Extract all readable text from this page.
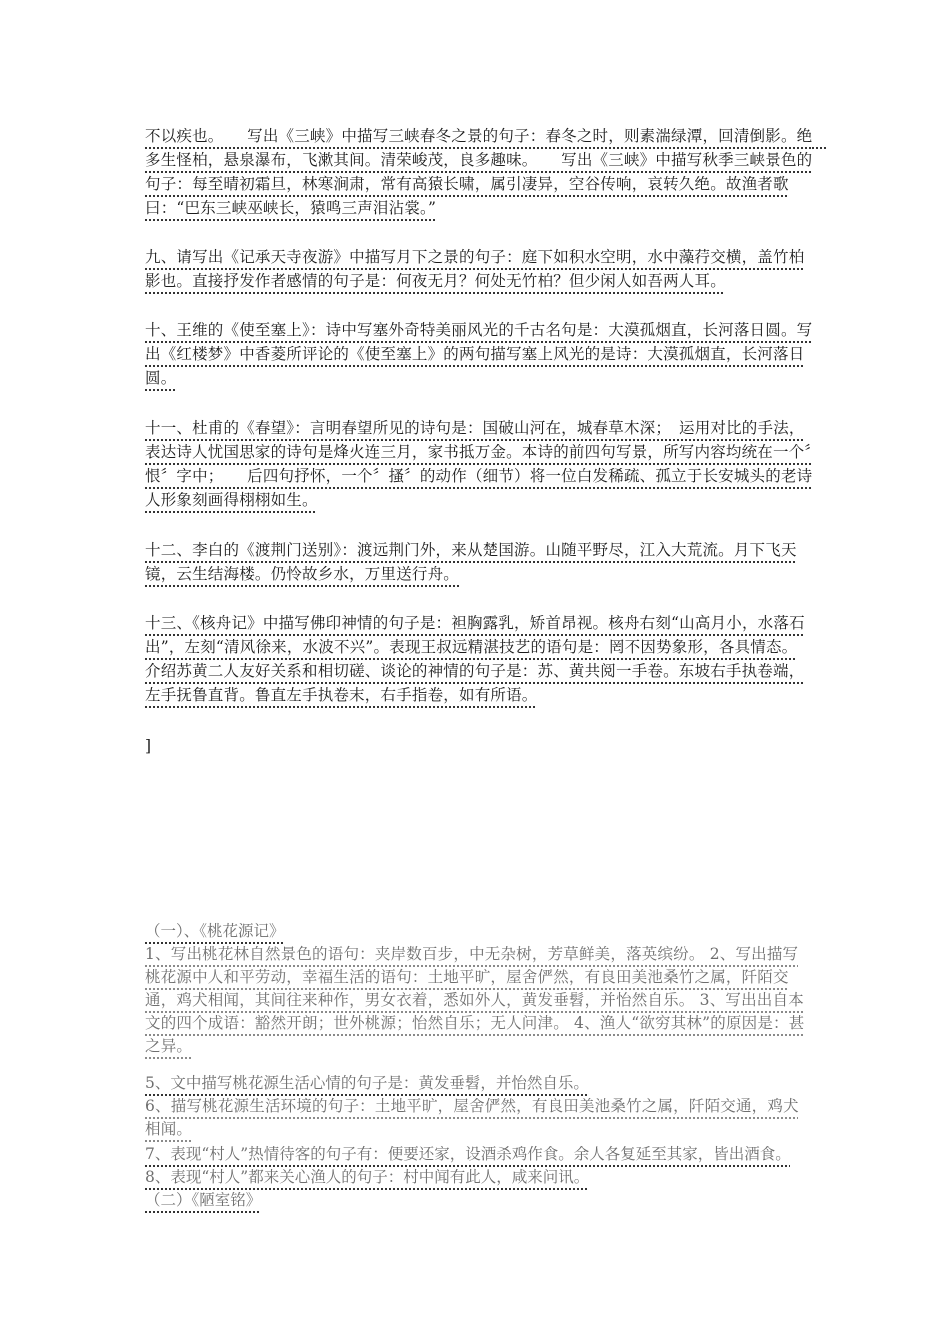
不以疾也。　　写出《三峡》中描写三峡春冬之景的句子：春冬之时，则素湍绿潭，回清倒影。绝　多生怪柏，悬泉瀑布，飞漱其间。清荣峻茂，良多趣味。　　写出《三峡》中描写秋季三峡景色的句子：每至晴初霜旦，林寒涧肃，常有高猿长啸，属引凄异，空谷传响，哀转久绝。故渔者歌曰：“巴东三峡巫峡长，猿鸣三声泪沾裳。”

九、请写出《记承天寺夜游》中描写月下之景的句子：庭下如积水空明，水中藻荇交横，盖竹柏影也。直接抒发作者感情的句子是：何夜无月？何处无竹柏？但少闲人如吾两人耳。

十、王维的《使至塞上》：诗中写塞外奇特美丽风光的千古名句是：大漠孤烟直，长河落日圆。写出《红楼梦》中香菱所评论的《使至塞上》的两句描写塞上风光的是诗：大漠孤烟直，长河落日圆。

十一、杜甫的《春望》：言明春望所见的诗句是：国破山河在，城春草木深；　运用对比的手法，表达诗人忧国思家的诗句是烽火连三月，家书抵万金。本诗的前四句写景，所写内容均统在一个〞恨〞字中；　　后四句抒怀，一个〞搔〞的动作（细节）将一位白发稀疏、孤立于长安城头的老诗人形象刻画得栩栩如生。

十二、李白的《渡荆门送别》：渡远荆门外，来从楚国游。山随平野尽，江入大荒流。月下飞天镜，云生结海楼。仍怜故乡水，万里送行舟。

十三、《核舟记》中描写佛印神情的句子是：袒胸露乳，矫首昂视。核舟右刻“山高月小，水落石出”，左刻“清风徐来，水波不兴”。表现王叔远精湛技艺的语句是：罔不因势象形，各具情态。介绍苏黄二人友好关系和相切磋、谈论的神情的句子是：苏、黄共阅一手卷。东坡右手执卷端，左手抚鲁直背。鲁直左手执卷末，右手指卷，如有所语。

]

（一）、《桃花源记》

1、写出桃花林自然景色的语句：夹岸数百步，中无杂树，芳草鲜美，落英缤纷。 2、写出描写桃花源中人和平劳动，幸福生活的语句：土地平旷，屋舍俨然，有良田美池桑竹之属，阡陌交通，鸡犬相闻，其间往来种作，男女衣着，悉如外人，黄发垂髫，并怡然自乐。 3、写出出自本文的四个成语：豁然开朗；世外桃源；怡然自乐；无人问津。 4、渔人“欲穷其林”的原因是：甚之异。

5、文中描写桃花源生活心情的句子是：黄发垂髫，并怡然自乐。

6、描写桃花源生活环境的句子：土地平旷，屋舍俨然，有良田美池桑竹之属，阡陌交通，鸡犬相闻。

7、表现“村人”热情待客的句子有：便要还家，设酒杀鸡作食。余人各复延至其家，皆出酒食。

8、表现“村人”都来关心渔人的句子：村中闻有此人，咸来问讯。

（二）《陋室铭》
